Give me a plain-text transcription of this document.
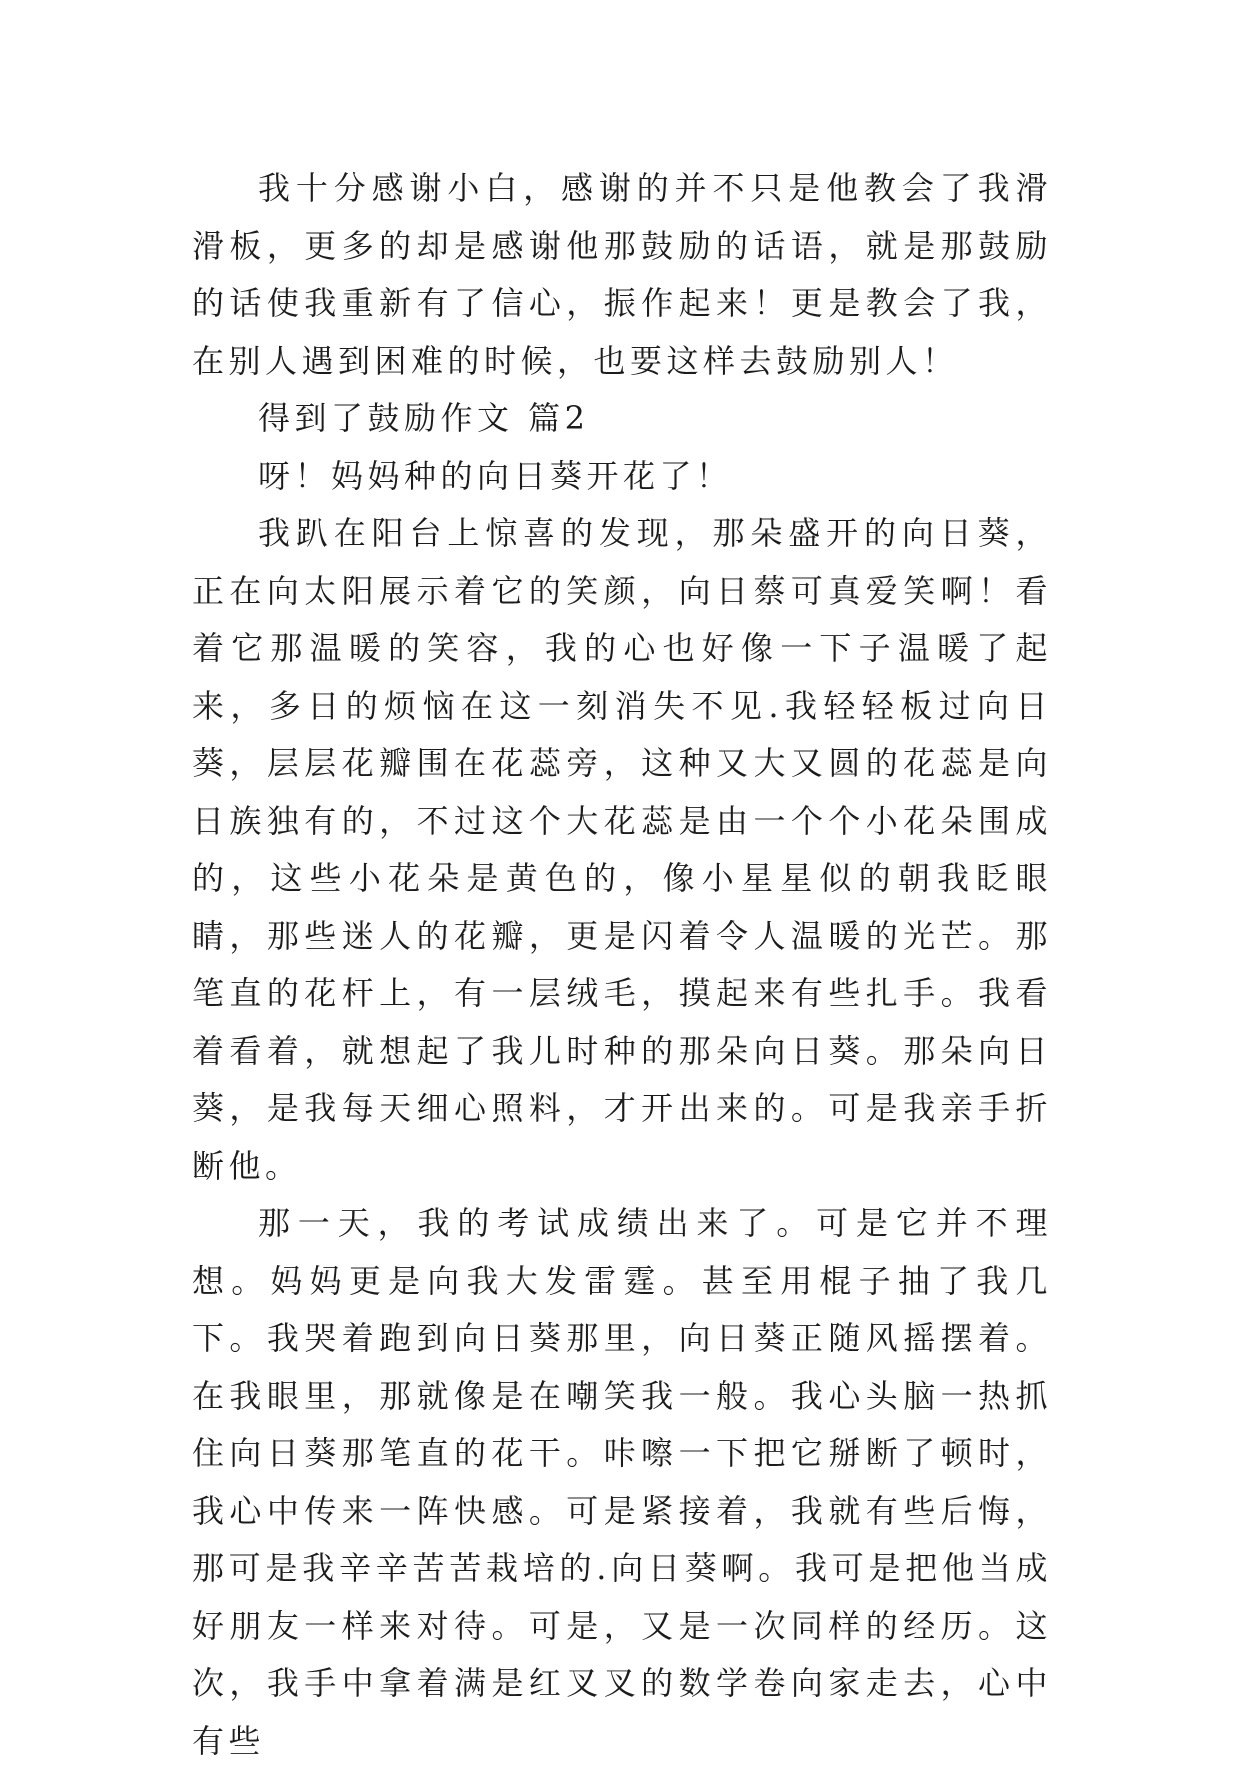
我十分感谢小白，感谢的并不只是他教会了我滑滑板，更多的却是感谢他那鼓励的话语，就是那鼓励的话使我重新有了信心，振作起来！更是教会了我，在别人遇到困难的时候，也要这样去鼓励别人！

得到了鼓励作文 篇2

呀！妈妈种的向日葵开花了！

我趴在阳台上惊喜的发现，那朵盛开的向日葵，正在向太阳展示着它的笑颜，向日蔡可真爱笑啊！看着它那温暖的笑容，我的心也好像一下子温暖了起来，多日的烦恼在这一刻消失不见.我轻轻板过向日葵，层层花瓣围在花蕊旁，这种又大又圆的花蕊是向日族独有的，不过这个大花蕊是由一个个小花朵围成的，这些小花朵是黄色的，像小星星似的朝我眨眼睛，那些迷人的花瓣，更是闪着令人温暖的光芒。那笔直的花杆上，有一层绒毛，摸起来有些扎手。我看着看着，就想起了我儿时种的那朵向日葵。那朵向日葵，是我每天细心照料，才开出来的。可是我亲手折断他。

那一天，我的考试成绩出来了。可是它并不理想。妈妈更是向我大发雷霆。甚至用棍子抽了我几下。我哭着跑到向日葵那里，向日葵正随风摇摆着。在我眼里，那就像是在嘲笑我一般。我心头脑一热抓住向日葵那笔直的花干。咔嚓一下把它掰断了顿时，我心中传来一阵快感。可是紧接着，我就有些后悔，那可是我辛辛苦苦栽培的.向日葵啊。我可是把他当成好朋友一样来对待。可是，又是一次同样的经历。这次，我手中拿着满是红叉叉的数学卷向家走去，心中有些
